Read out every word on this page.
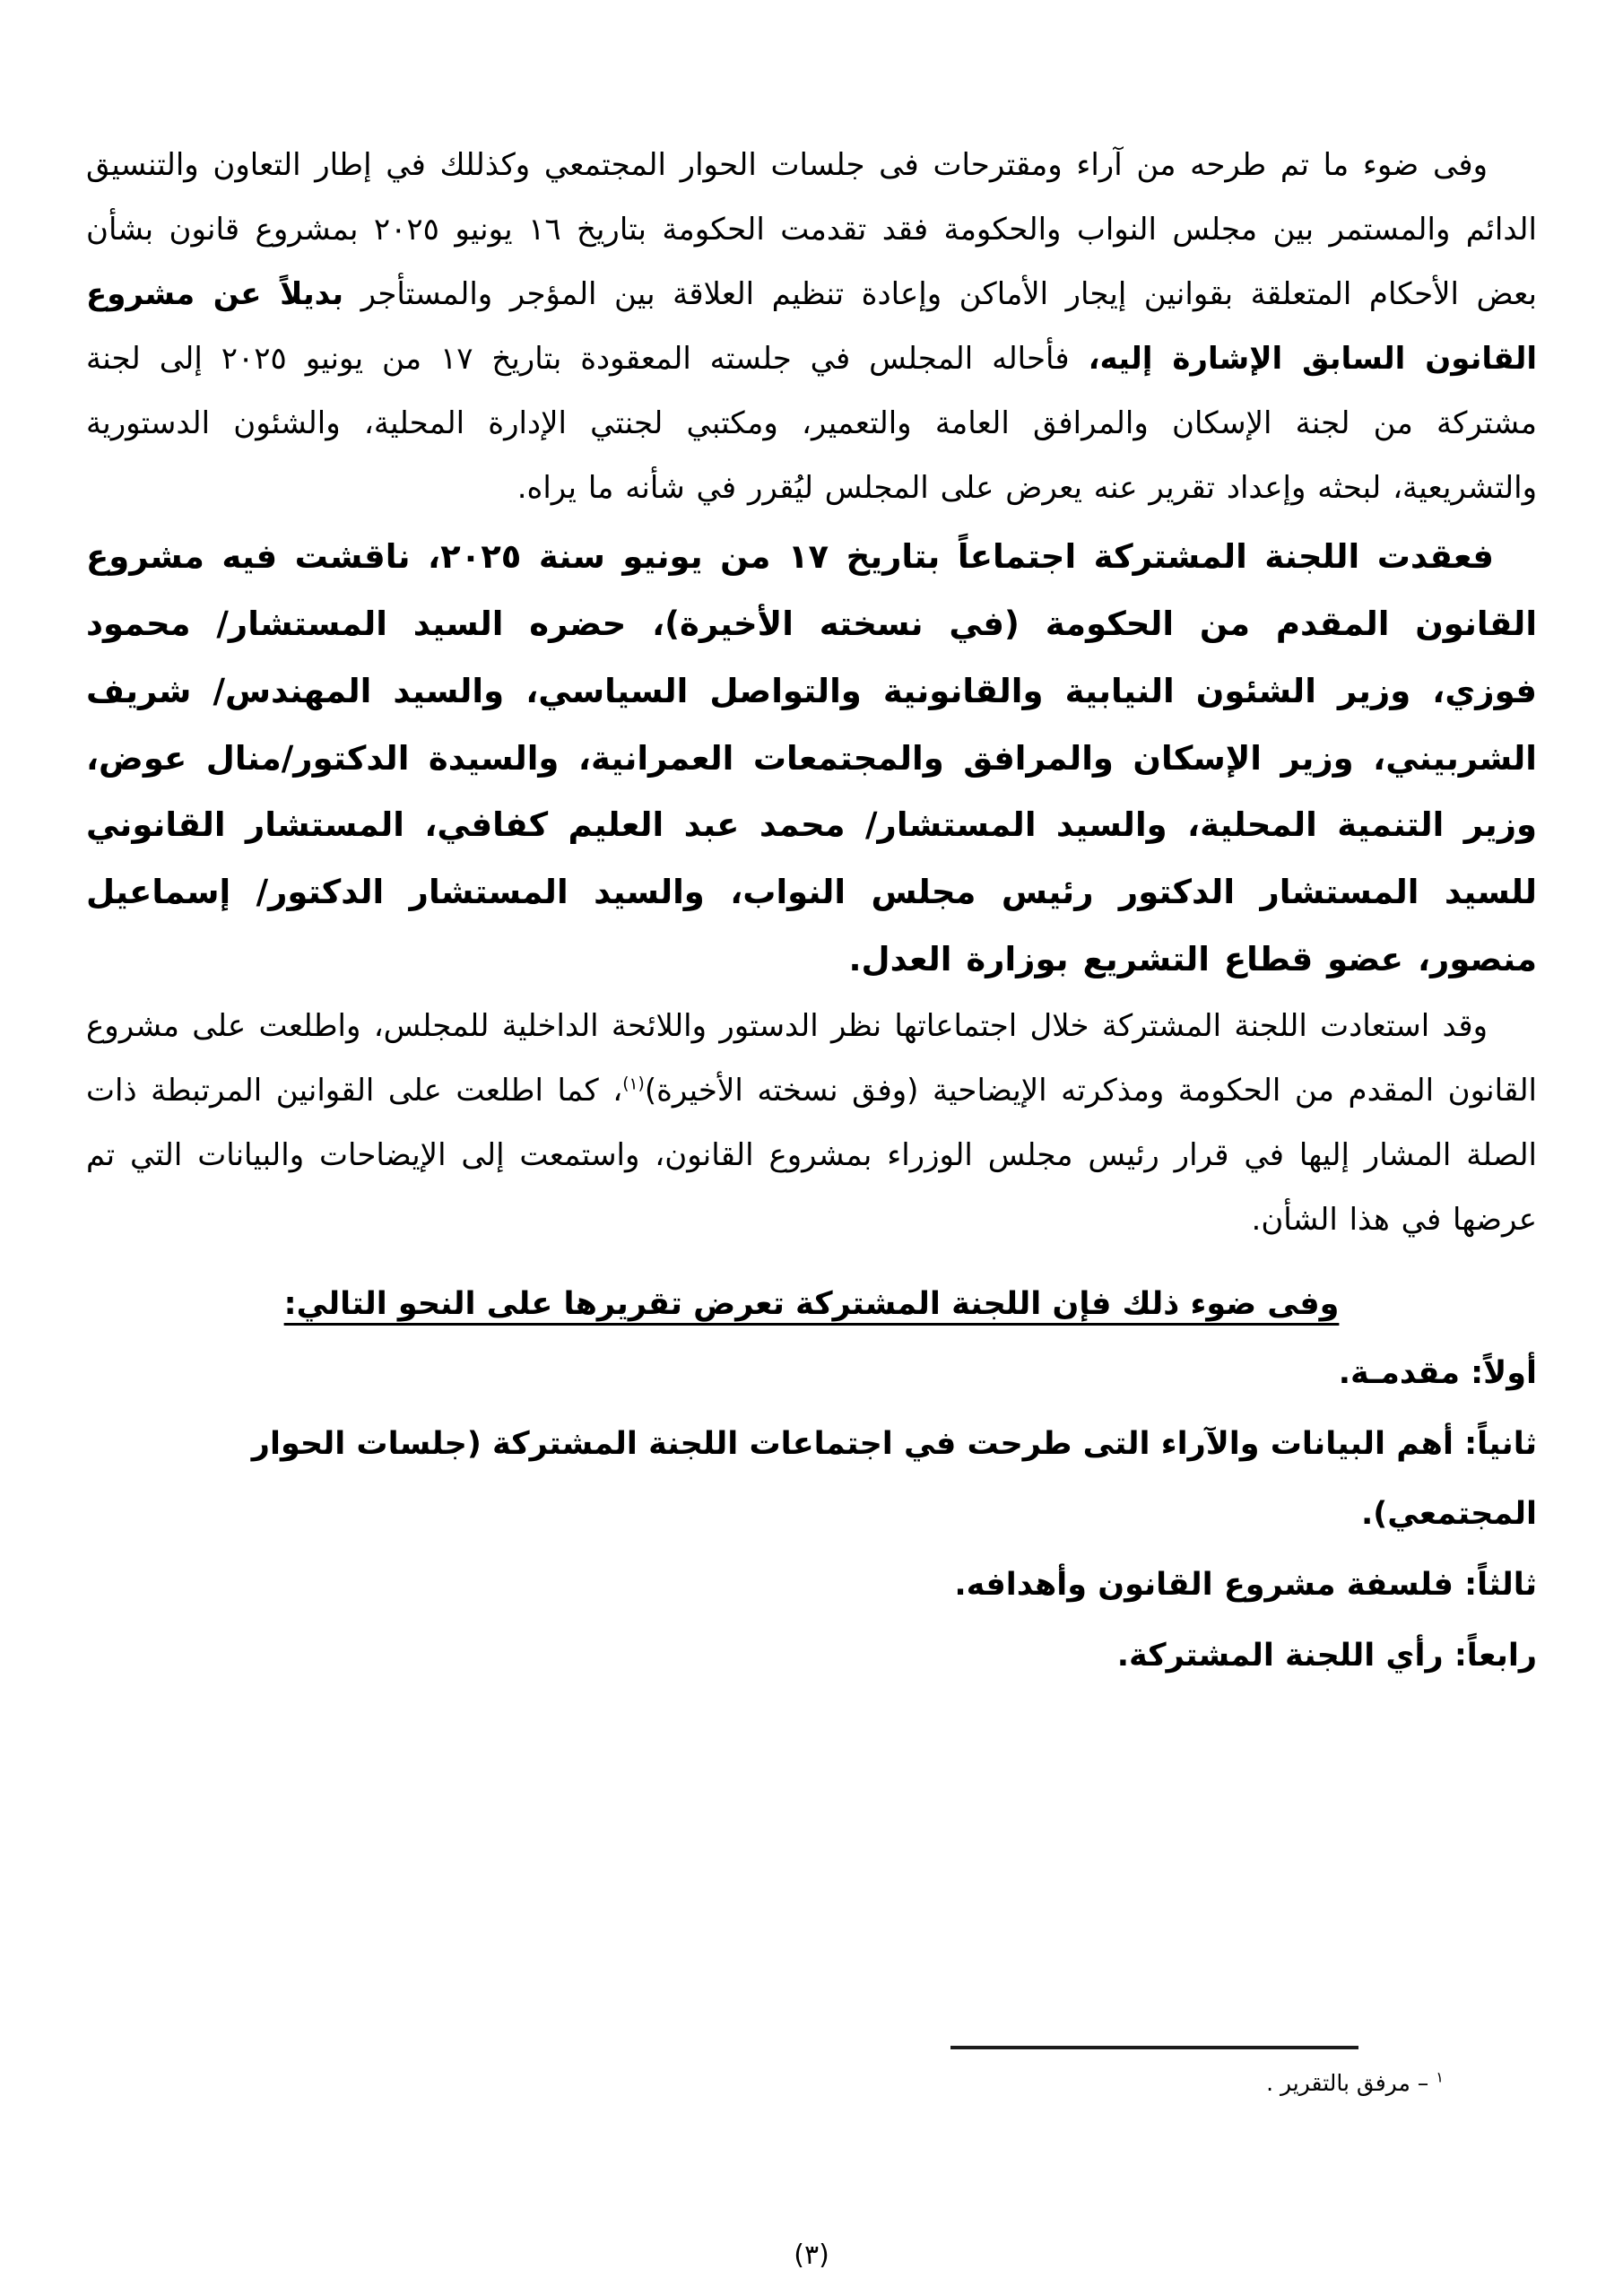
وفى ضوء ما تم طرحه من آراء ومقترحات فى جلسات الحوار المجتمعي وكذللك في إطار التعاون والتنسيق الدائم والمستمر بين مجلس النواب والحكومة فقد تقدمت الحكومة بتاريخ ١٦ يونيو ٢٠٢٥ بمشروع قانون بشأن بعض الأحكام المتعلقة بقوانين إيجار الأماكن وإعادة تنظيم العلاقة بين المؤجر والمستأجر بديلاً عن مشروع القانون السابق الإشارة إليه، فأحاله المجلس في جلسته المعقودة بتاريخ ١٧ من يونيو ٢٠٢٥ إلى لجنة مشتركة من لجنة الإسكان والمرافق العامة والتعمير، ومكتبي لجنتي الإدارة المحلية، والشئون الدستورية والتشريعية، لبحثه وإعداد تقرير عنه يعرض على المجلس ليُقرر في شأنه ما يراه.

فعقدت اللجنة المشتركة اجتماعاً بتاريخ ١٧ من يونيو سنة ٢٠٢٥، ناقشت فيه مشروع القانون المقدم من الحكومة (في نسخته الأخيرة)، حضره السيد المستشار/ محمود فوزي، وزير الشئون النيابية والقانونية والتواصل السياسي، والسيد المهندس/ شريف الشربيني، وزير الإسكان والمرافق والمجتمعات العمرانية، والسيدة الدكتور/منال عوض، وزير التنمية المحلية، والسيد المستشار/ محمد عبد العليم كفافي، المستشار القانوني للسيد المستشار الدكتور رئيس مجلس النواب، والسيد المستشار الدكتور/ إسماعيل منصور، عضو قطاع التشريع بوزارة العدل.

وقد استعادت اللجنة المشتركة خلال اجتماعاتها نظر الدستور واللائحة الداخلية للمجلس، واطلعت على مشروع القانون المقدم من الحكومة ومذكرته الإيضاحية (وفق نسخته الأخيرة)$^{(١)}$، كما اطلعت على القوانين المرتبطة ذات الصلة المشار إليها في قرار رئيس مجلس الوزراء بمشروع القانون، واستمعت إلى الإيضاحات والبيانات التي تم عرضها في هذا الشأن.

وفى ضوء ذلك فإن اللجنة المشتركة تعرض تقريرها على النحو التالي:

أولاً: مقدمـة.

ثانياً: أهم البيانات والآراء التى طرحت في اجتماعات اللجنة المشتركة (جلسات الحوار المجتمعي).

ثالثاً: فلسفة مشروع القانون وأهدافه.

رابعاً: رأي اللجنة المشتركة.

$^١$ – مرفق بالتقرير .
(٣)
